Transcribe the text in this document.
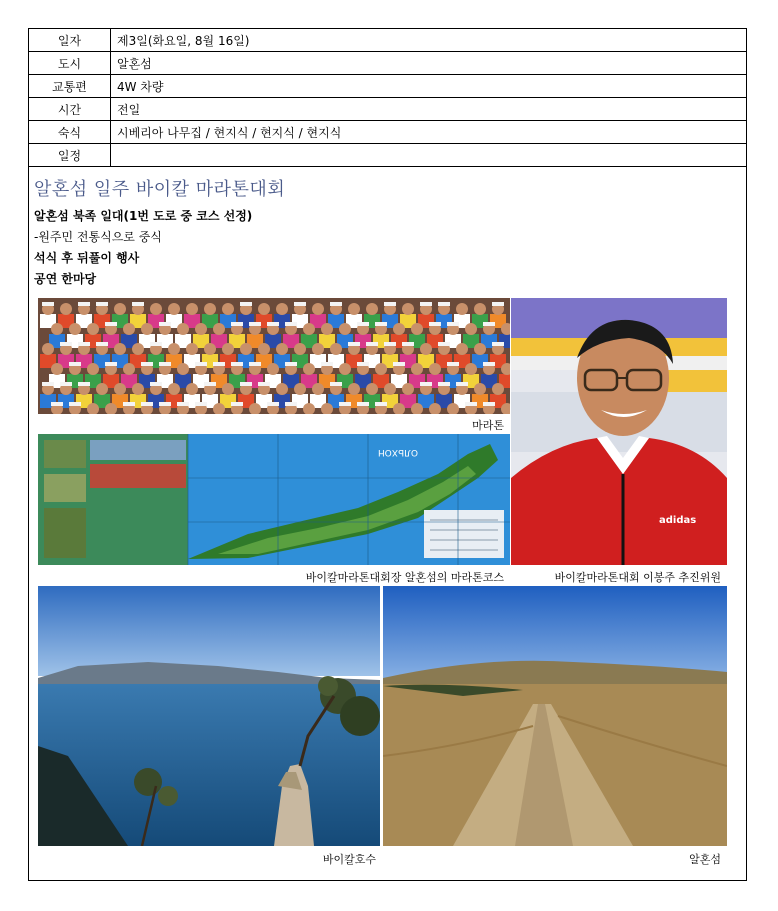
일자	제3일(화요일, 8월 16일)
도시	알혼섬
교통편	4W 차량
시간	전일
숙식	시베리아 나무집 / 현지식 / 현지식 / 현지식
일정	
알혼섬 일주 바이칼 마라톤대회
알혼섬 북족 일대(1번 도로 중 코스 선정)
-원주민 전통식으로 중식
석식 후 뒤풀이 행사
공연 한마당
마라톤
ОЛЬХОН
바이칼마라톤대회장 알혼섬의 마라톤코스
adidas
바이칼마라톤대회 이봉주 추진위원
바이칼호수	알혼섬
